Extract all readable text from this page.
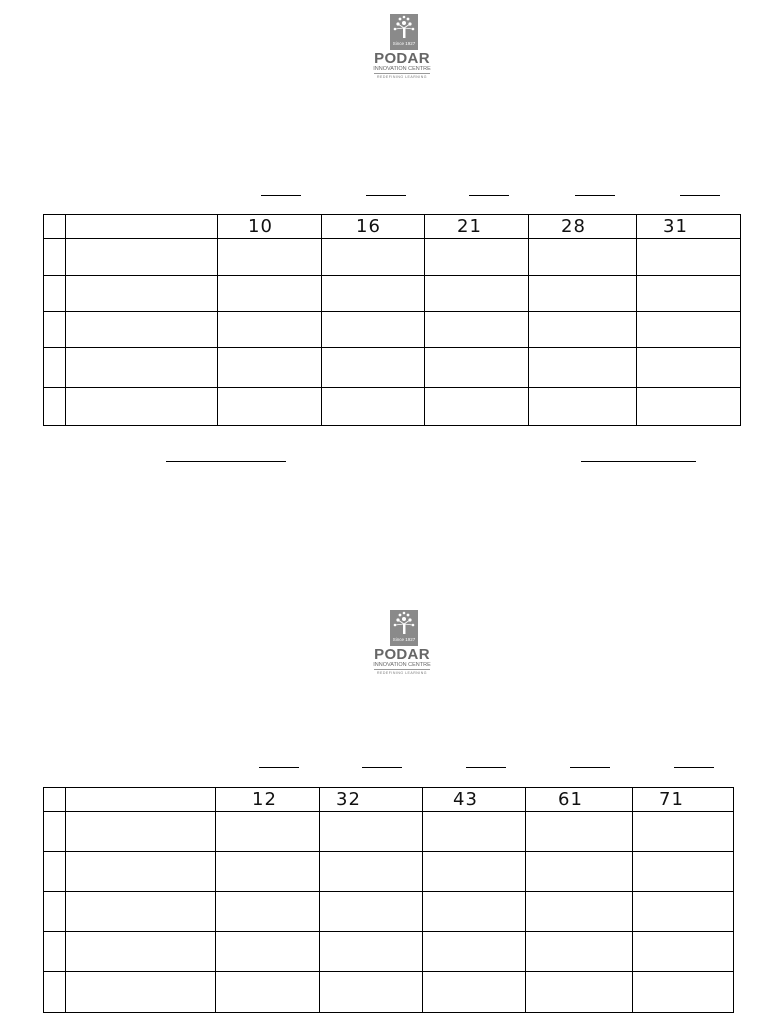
Since 1927
PODAR
INNOVATION CENTRE
REDEFINING LEARNING

		10	16	21	28	31

Since 1927
PODAR
INNOVATION CENTRE
REDEFINING LEARNING

		12	32	43	61	71
